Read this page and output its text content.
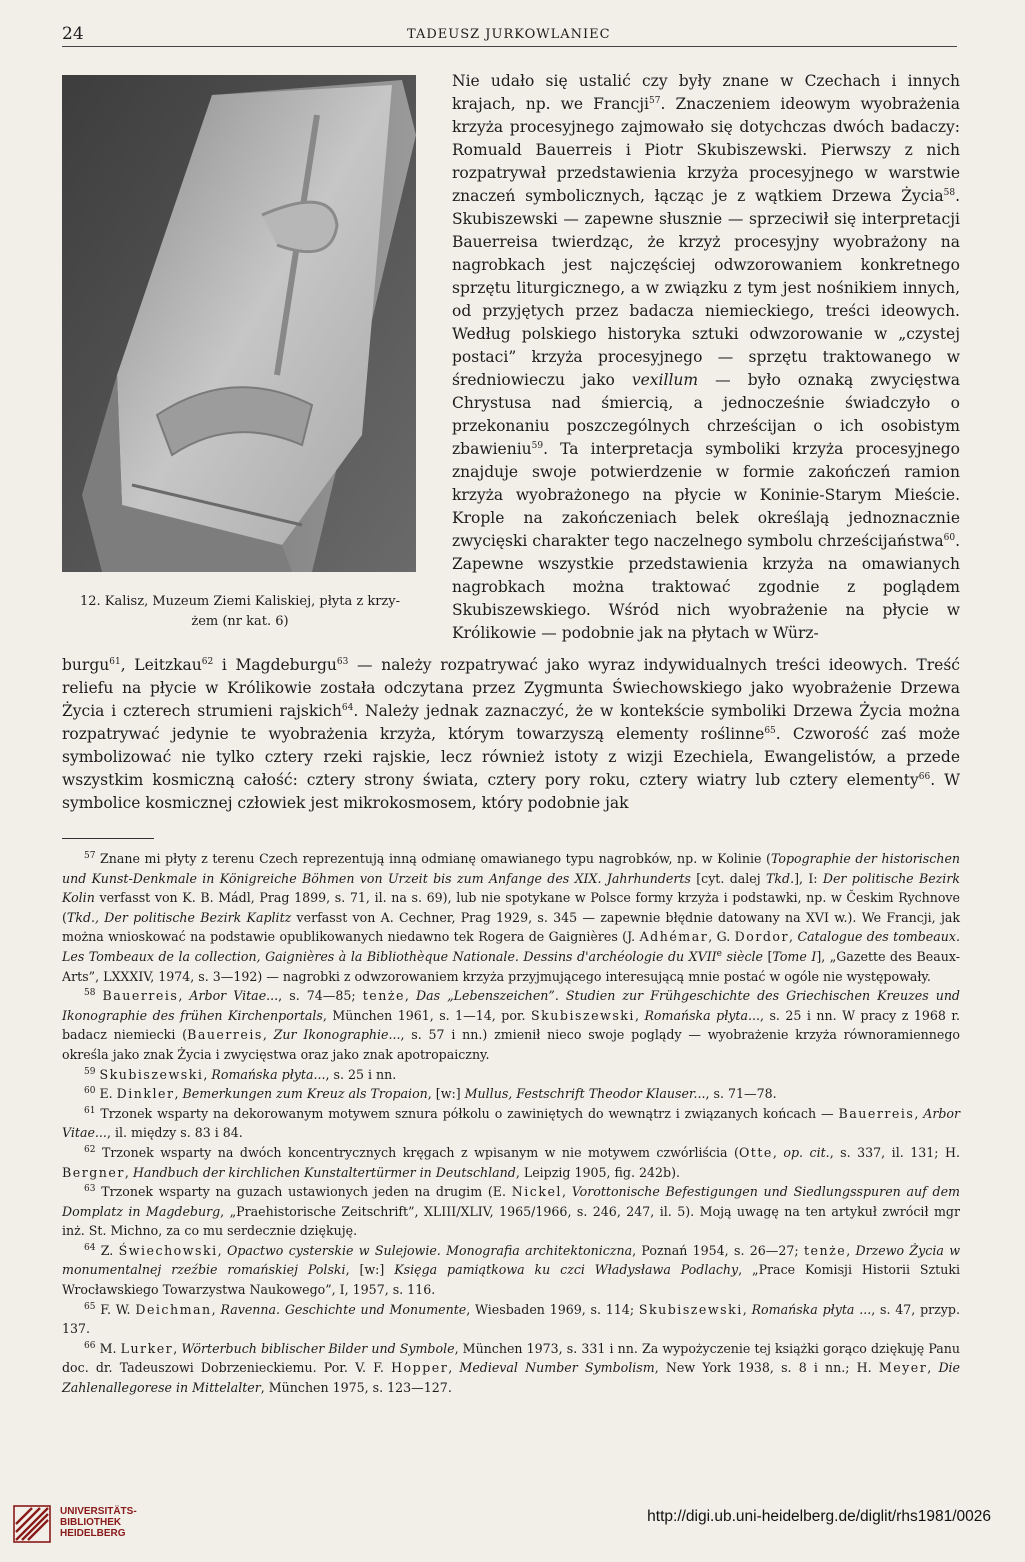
24	TADEUSZ JURKOWLANIEC
12. Kalisz, Muzeum Ziemi Kaliskiej, płyta z krzy-
żem (nr kat. 6)

Nie udało się ustalić czy były znane w Czechach i innych krajach, np. we Francji$^{57}$. Znaczeniem ideowym wyobrażenia krzyża procesyjnego zajmowało się dotychczas dwóch badaczy: Romuald Bauerreis i Piotr Skubiszewski. Pierwszy z nich rozpatrywał przedstawienia krzyża procesyjnego w warstwie znaczeń symbolicznych, łącząc je z wątkiem Drzewa Życia$^{58}$. Skubiszewski — zapewne słusznie — sprzeciwił się interpretacji Bauerreisa twierdząc, że krzyż procesyjny wyobrażony na nagrobkach jest najczęściej odwzorowaniem konkretnego sprzętu liturgicznego, a w związku z tym jest nośnikiem innych, od przyjętych przez badacza niemieckiego, treści ideowych. Według polskiego historyka sztuki odwzorowanie w „czystej postaci” krzyża procesyjnego — sprzętu traktowanego w średniowieczu jako vexillum — było oznaką zwycięstwa Chrystusa nad śmiercią, a jednocześnie świadczyło o przekonaniu poszczególnych chrześcijan o ich osobistym zbawieniu$^{59}$. Ta interpretacja symboliki krzyża procesyjnego znajduje swoje potwierdzenie w formie zakończeń ramion krzyża wyobrażonego na płycie w Koninie-Starym Mieście. Krople na zakończeniach belek określają jednoznacznie zwycięski charakter tego naczelnego symbolu chrześcijaństwa$^{60}$. Zapewne wszystkie przedstawienia krzyża na omawianych nagrobkach można traktować zgodnie z poglądem Skubiszewskiego. Wśród nich wyobrażenie na płycie w Królikowie — podobnie jak na płytach w Würz-

burgu$^{61}$, Leitzkau$^{62}$ i Magdeburgu$^{63}$ — należy rozpatrywać jako wyraz indywidualnych treści ideowych. Treść reliefu na płycie w Królikowie została odczytana przez Zygmunta Świechowskiego jako wyobrażenie Drzewa Życia i czterech strumieni rajskich$^{64}$. Należy jednak zaznaczyć, że w kontekście symboliki Drzewa Życia można rozpatrywać jedynie te wyobrażenia krzyża, którym towarzyszą elementy roślinne$^{65}$. Czworość zaś może symbolizować nie tylko cztery rzeki rajskie, lecz również istoty z wizji Ezechiela, Ewangelistów, a przede wszystkim kosmiczną całość: cztery strony świata, cztery pory roku, cztery wiatry lub cztery elementy$^{66}$. W symbolice kosmicznej człowiek jest mikrokosmosem, który podobnie jak

$^{57}$ Znane mi płyty z terenu Czech reprezentują inną odmianę omawianego typu nagrobków, np. w Kolinie (Topographie der historischen und Kunst-Denkmale in Königreiche Böhmen von Urzeit bis zum Anfange des XIX. Jahrhunderts [cyt. dalej Tkd.], I: Der politische Bezirk Kolin verfasst von K. B. Mádl, Prag 1899, s. 71, il. na s. 69), lub nie spotykane w Polsce formy krzyża i podstawki, np. w Českim Rychnove (Tkd., Der politische Bezirk Kaplitz verfasst von A. Cechner, Prag 1929, s. 345 — zapewnie błędnie datowany na XVI w.). We Francji, jak można wnioskować na podstawie opublikowanych niedawno tek Rogera de Gaignières (J. Adhémar, G. Dordor, Catalogue des tombeaux. Les Tombeaux de la collection, Gaignières à la Bibliothèque Nationale. Dessins d'archéologie du XVIIe siècle [Tome I], „Gazette des Beaux-Arts”, LXXXIV, 1974, s. 3—192) — nagrobki z odwzorowaniem krzyża przyjmującego interesującą mnie postać w ogóle nie występowały.

$^{58}$ Bauerreis, Arbor Vitae..., s. 74—85; tenże, Das „Lebenszeichen”. Studien zur Frühgeschichte des Griechischen Kreuzes und Ikonographie des frühen Kirchenportals, München 1961, s. 1—14, por. Skubiszewski, Romańska płyta..., s. 25 i nn. W pracy z 1968 r. badacz niemiecki (Bauerreis, Zur Ikonographie..., s. 57 i nn.) zmienił nieco swoje poglądy — wyobrażenie krzyża równoramiennego określa jako znak Życia i zwycięstwa oraz jako znak apotropaiczny.

$^{59}$ Skubiszewski, Romańska płyta..., s. 25 i nn.

$^{60}$ E. Dinkler, Bemerkungen zum Kreuz als Tropaion, [w:] Mullus, Festschrift Theodor Klauser..., s. 71—78.

$^{61}$ Trzonek wsparty na dekorowanym motywem sznura półkolu o zawiniętych do wewnątrz i związanych końcach — Bauerreis, Arbor Vitae..., il. między s. 83 i 84.

$^{62}$ Trzonek wsparty na dwóch koncentrycznych kręgach z wpisanym w nie motywem czwórliścia (Otte, op. cit., s. 337, il. 131; H. Bergner, Handbuch der kirchlichen Kunstaltertürmer in Deutschland, Leipzig 1905, fig. 242b).

$^{63}$ Trzonek wsparty na guzach ustawionych jeden na drugim (E. Nickel, Vorottonische Befestigungen und Siedlungsspuren auf dem Domplatz in Magdeburg, „Praehistorische Zeitschrift”, XLIII/XLIV, 1965/1966, s. 246, 247, il. 5). Moją uwagę na ten artykuł zwrócił mgr inż. St. Michno, za co mu serdecznie dziękuję.

$^{64}$ Z. Świechowski, Opactwo cysterskie w Sulejowie. Monografia architektoniczna, Poznań 1954, s. 26—27; tenże, Drzewo Życia w monumentalnej rzeźbie romańskiej Polski, [w:] Księga pamiątkowa ku czci Władysława Podlachy, „Prace Komisji Historii Sztuki Wrocławskiego Towarzystwa Naukowego”, I, 1957, s. 116.

$^{65}$ F. W. Deichman, Ravenna. Geschichte und Monumente, Wiesbaden 1969, s. 114; Skubiszewski, Romańska płyta ..., s. 47, przyp. 137.

$^{66}$ M. Lurker, Wörterbuch biblischer Bilder und Symbole, München 1973, s. 331 i nn. Za wypożyczenie tej książki gorąco dziękuję Panu doc. dr. Tadeuszowi Dobrzenieckiemu. Por. V. F. Hopper, Medieval Number Symbolism, New York 1938, s. 8 i nn.; H. Meyer, Die Zahlenallegorese in Mittelalter, München 1975, s. 123—127.

UNIVERSITÄTS-
BIBLIOTHEK
HEIDELBERG
http://digi.ub.uni-heidelberg.de/diglit/rhs1981/0026
